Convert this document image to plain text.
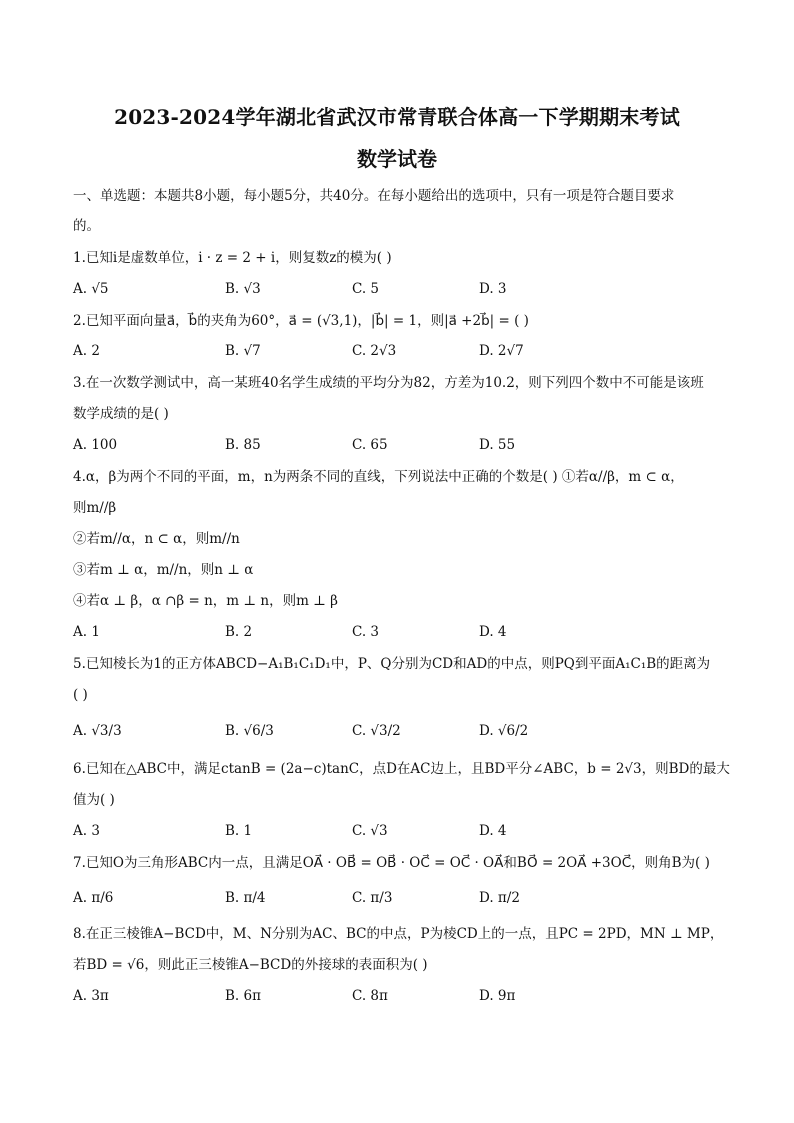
2023-2024学年湖北省武汉市常青联合体高一下学期期末考试
数学试卷
一、单选题：本题共8小题，每小题5分，共40分。在每小题给出的选项中，只有一项是符合题目要求
的。
1.已知i是虚数单位，i · z = 2 + i，则复数z的模为( )
A. √5	B. √3	C. 5	D. 3
2.已知平面向量a⃗，b⃗的夹角为60°，a⃗ = (√3,1)，|b⃗| = 1，则|a⃗ +2b⃗| = ( )
A. 2	B. √7	C. 2√3	D. 2√7
3.在一次数学测试中，高一某班40名学生成绩的平均分为82，方差为10.2，则下列四个数中不可能是该班
数学成绩的是( )
A. 100	B. 85	C. 65	D. 55
4.α，β为两个不同的平面，m，n为两条不同的直线，下列说法中正确的个数是( ) ①若α//β，m ⊂ α，
则m//β
②若m//α，n ⊂ α，则m//n
③若m ⊥ α，m//n，则n ⊥ α
④若α ⊥ β，α ∩β = n，m ⊥ n，则m ⊥ β
A. 1	B. 2	C. 3	D. 4
5.已知棱长为1的正方体ABCD−A₁B₁C₁D₁中，P、Q分别为CD和AD的中点，则PQ到平面A₁C₁B的距离为
( )
A. √3/3	B. √6/3	C. √3/2	D. √6/2
6.已知在△ABC中，满足ctanB = (2a−c)tanC，点D在AC边上，且BD平分∠ABC，b = 2√3，则BD的最大
值为( )
A. 3	B. 1	C. √3	D. 4
7.已知O为三角形ABC内一点，且满足OA⃗ · OB⃗ = OB⃗ · OC⃗ = OC⃗ · OA⃗和BO⃗ = 2OA⃗ +3OC⃗，则角B为( )
A. π/6	B. π/4	C. π/3	D. π/2
8.在正三棱锥A−BCD中，M、N分别为AC、BC的中点，P为棱CD上的一点，且PC = 2PD，MN ⊥ MP，
若BD = √6，则此正三棱锥A−BCD的外接球的表面积为( )
A. 3π	B. 6π	C. 8π	D. 9π
